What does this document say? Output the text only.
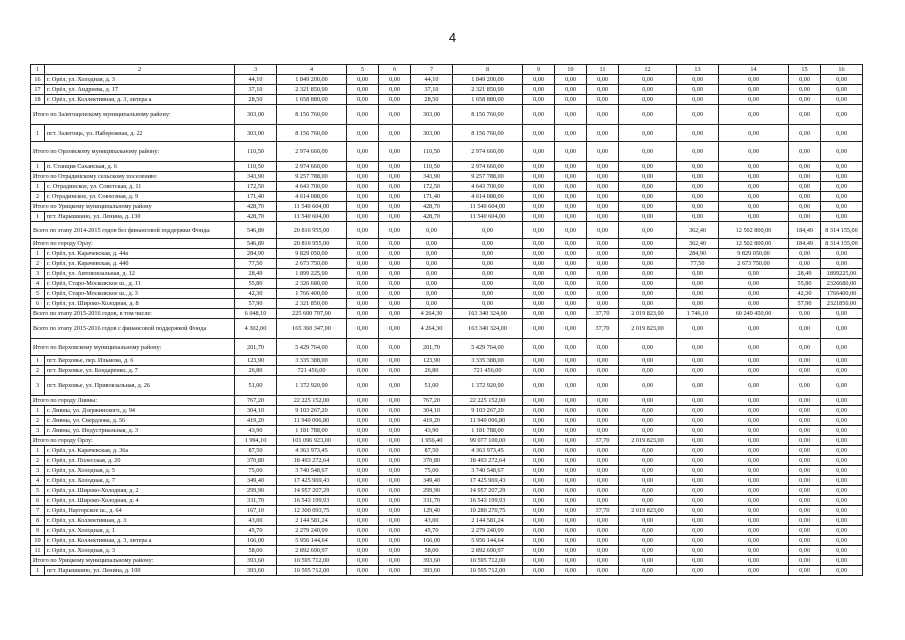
4
1	2	3	4	5	6	7	8	9	10	11	12	13	14	15	16
16	г. Орёл, ул. Холодная, д. 3	44,10	1 849 200,00	0,00	0,00	44,10	1 849 200,00	0,00	0,00	0,00	0,00	0,00	0,00	0,00	0,00
17	г. Орёл, ул. Андреева, д. 17	37,10	2 321 850,00	0,00	0,00	37,10	2 321 850,00	0,00	0,00	0,00	0,00	0,00	0,00	0,00	0,00
18	г. Орёл, ул. Коллективная, д. 3, литера а	28,50	1 658 880,00	0,00	0,00	28,50	1 658 880,00	0,00	0,00	0,00	0,00	0,00	0,00	0,00	0,00
Итого по Залегощенскому муниципальному району:		303,00	8 156 760,00	0,00	0,00	303,00	8 156 760,00	0,00	0,00	0,00	0,00	0,00	0,00	0,00	0,00
1	пгт. Залегощь, ул. Набережная, д. 22	303,00	8 156 760,00	0,00	0,00	303,00	8 156 760,00	0,00	0,00	0,00	0,00	0,00	0,00	0,00	0,00
Итого по Орловскому муниципальному району:		110,50	2 974 660,00	0,00	0,00	110,50	2 974 660,00	0,00	0,00	0,00	0,00	0,00	0,00	0,00	0,00
1	п. Станция Саханская, д. 6	110,50	2 974 660,00	0,00	0,00	110,50	2 974 660,00	0,00	0,00	0,00	0,00	0,00	0,00	0,00	0,00
Итого по Отрадинскому сельскому поселению:		343,90	9 257 788,00	0,00	0,00	343,90	9 257 788,00	0,00	0,00	0,00	0,00	0,00	0,00	0,00	0,00
1	с. Отрадинское, ул. Советская, д. 11	172,50	4 643 700,00	0,00	0,00	172,50	4 643 700,00	0,00	0,00	0,00	0,00	0,00	0,00	0,00	0,00
2	г. Отрадинское, ул. Совхозная, д. 9	171,40	4 614 088,00	0,00	0,00	171,40	4 614 088,00	0,00	0,00	0,00	0,00	0,00	0,00	0,00	0,00
Итого по Урицкому муниципальному району		428,70	11 540 604,00	0,00	0,00	428,70	11 540 604,00	0,00	0,00	0,00	0,00	0,00	0,00	0,00	0,00
1	пгт. Нарышкино, ул. Ленина, д. 130	428,70	11 540 604,00	0,00	0,00	428,70	11 540 604,00	0,00	0,00	0,00	0,00	0,00	0,00	0,00	0,00
Всего по этапу 2014-2015 годов без финансовой поддержки Фонда:		546,89	20 816 955,00	0,00	0,00	0,00	0,00	0,00	0,00	0,00	0,00	362,40	12 502 800,00	184,49	8 314 155,00
Итого по городу Орлу:		546,89	20 816 955,00	0,00	0,00	0,00	0,00	0,00	0,00	0,00	0,00	362,40	12 502 800,00	184,49	8 314 155,00
1	г. Орёл, ул. Карачевская, д. 44а	284,90	9 829 050,00	0,00	0,00	0,00	0,00	0,00	0,00	0,00	0,00	284,90	9 829 050,00	0,00	0,00
2	г. Орёл, ул. Карачевская, д. 44б	77,50	2 673 750,00	0,00	0,00	0,00	0,00	0,00	0,00	0,00	0,00	77,50	2 673 750,00	0,00	0,00
3	г. Орёл, ул. Автовокзальная, д. 12	28,49	1 899 225,00	0,00	0,00	0,00	0,00	0,00	0,00	0,00	0,00	0,00	0,00	28,49	1899225,00
4	г. Орёл, Старо-Московское ш., д. 11	55,80	2 326 680,00	0,00	0,00	0,00	0,00	0,00	0,00	0,00	0,00	0,00	0,00	55,80	2326680,00
5	г. Орёл, Старо-Московское ш., д. 3	42,30	1 766 400,00	0,00	0,00	0,00	0,00	0,00	0,00	0,00	0,00	0,00	0,00	42,30	1766400,00
6	г. Орёл, ул. Широко-Холодная, д. 8	57,90	2 321 850,00	0,00	0,00	0,00	0,00	0,00	0,00	0,00	0,00	0,00	0,00	57,90	2321850,00
Всего по этапу 2015-2016 годов, в том числе:		6 048,10	225 600 797,00	0,00	0,00	4 264,30	163 340 324,00	0,00	0,00	37,70	2 019 823,00	1 746,10	60 240 450,00	0,00	0,00
Всего по этапу 2015-2016 годов с финансовой поддержкой Фонда		4 302,00	165 360 347,00	0,00	0,00	4 264,30	163 340 324,00	0,00	0,00	37,70	2 019 823,00	0,00	0,00	0,00	0,00
Итого по Верховскому муниципальному району:		201,70	5 429 764,00	0,00	0,00	201,70	5 429 764,00	0,00	0,00	0,00	0,00	0,00	0,00	0,00	0,00
1	пгт. Верховье, пер. Ильмова, д. 6	123,90	3 335 388,00	0,00	0,00	123,90	3 335 388,00	0,00	0,00	0,00	0,00	0,00	0,00	0,00	0,00
2	пгт. Верховье, ул. Бондаренко, д. 7	26,80	721 456,00	0,00	0,00	26,80	721 456,00	0,00	0,00	0,00	0,00	0,00	0,00	0,00	0,00
3	пгт. Верховье, ул. Привокзальная, д. 26	51,00	1 372 920,00	0,00	0,00	51,00	1 372 920,00	0,00	0,00	0,00	0,00	0,00	0,00	0,00	0,00
Итого по городу Ливны:		767,20	22 225 152,00	0,00	0,00	767,20	22 225 152,00	0,00	0,00	0,00	0,00	0,00	0,00	0,00	0,00
1	г. Ливны, ул. Дзержинского, д. 94	304,10	9 103 267,20	0,00	0,00	304,10	9 103 267,20	0,00	0,00	0,00	0,00	0,00	0,00	0,00	0,00
2	г. Ливны, ул. Свердлова, д. 56	419,20	11 940 096,80	0,00	0,00	419,20	11 940 096,80	0,00	0,00	0,00	0,00	0,00	0,00	0,00	0,00
3	г. Ливны, ул. Индустриальная, д. 3	43,90	1 181 788,00	0,00	0,00	43,90	1 181 788,00	0,00	0,00	0,00	0,00	0,00	0,00	0,00	0,00
Итого по городу Орлу:		1 994,10	101 096 923,00	0,00	0,00	1 956,40	99 077 100,00	0,00	0,00	37,70	2 019 823,00	0,00	0,00	0,00	0,00
1	г. Орёл, ул. Карачевская, д. 36а	87,50	4 363 973,45	0,00	0,00	87,50	4 363 973,45	0,00	0,00	0,00	0,00	0,00	0,00	0,00	0,00
2	г. Орёл, ул. Полесская, д. 20	370,80	18 493 272,64	0,00	0,00	370,80	18 493 272,64	0,00	0,00	0,00	0,00	0,00	0,00	0,00	0,00
3	г. Орёл, ул. Холодная, д. 5	75,00	3 740 548,67	0,00	0,00	75,00	3 740 548,67	0,00	0,00	0,00	0,00	0,00	0,00	0,00	0,00
4	г. Орёл, ул. Холодная, д. 7	349,40	17 425 969,43	0,00	0,00	349,40	17 425 969,43	0,00	0,00	0,00	0,00	0,00	0,00	0,00	0,00
5	г. Орёл, ул. Широко-Холодная, д. 2	299,90	14 957 207,29	0,00	0,00	299,90	14 957 207,29	0,00	0,00	0,00	0,00	0,00	0,00	0,00	0,00
6	г. Орёл, ул. Широко-Холодная, д. 4	331,70	16 543 199,93	0,00	0,00	331,70	16 543 199,93	0,00	0,00	0,00	0,00	0,00	0,00	0,00	0,00
7	г. Орёл, Наугорское ш., д. 64	167,10	12 300 093,75	0,00	0,00	129,40	10 280 270,75	0,00	0,00	37,70	2 019 823,00	0,00	0,00	0,00	0,00
8	г. Орёл, ул. Коллективная, д. 3	43,00	2 144 581,24	0,00	0,00	43,00	2 144 581,24	0,00	0,00	0,00	0,00	0,00	0,00	0,00	0,00
9	г. Орёл, ул. Холодная, д. 1	45,70	2 279 240,99	0,00	0,00	45,70	2 279 240,99	0,00	0,00	0,00	0,00	0,00	0,00	0,00	0,00
10	г. Орёл, ул. Коллективная, д. 3, литера а	166,00	5 956 144,64	0,00	0,00	166,00	5 956 144,64	0,00	0,00	0,00	0,00	0,00	0,00	0,00	0,00
11	г. Орёл, ул. Холодная, д. 3	58,00	2 892 690,97	0,00	0,00	58,00	2 892 690,97	0,00	0,00	0,00	0,00	0,00	0,00	0,00	0,00
Итого по Урицкому муниципальному району:		393,60	10 595 712,00	0,00	0,00	393,60	10 595 712,00	0,00	0,00	0,00	0,00	0,00	0,00	0,00	0,00
1	пгт. Нарышкино, ул. Ленина, д. 100	393,60	10 595 712,00	0,00	0,00	393,60	10 595 712,00	0,00	0,00	0,00	0,00	0,00	0,00	0,00	0,00
